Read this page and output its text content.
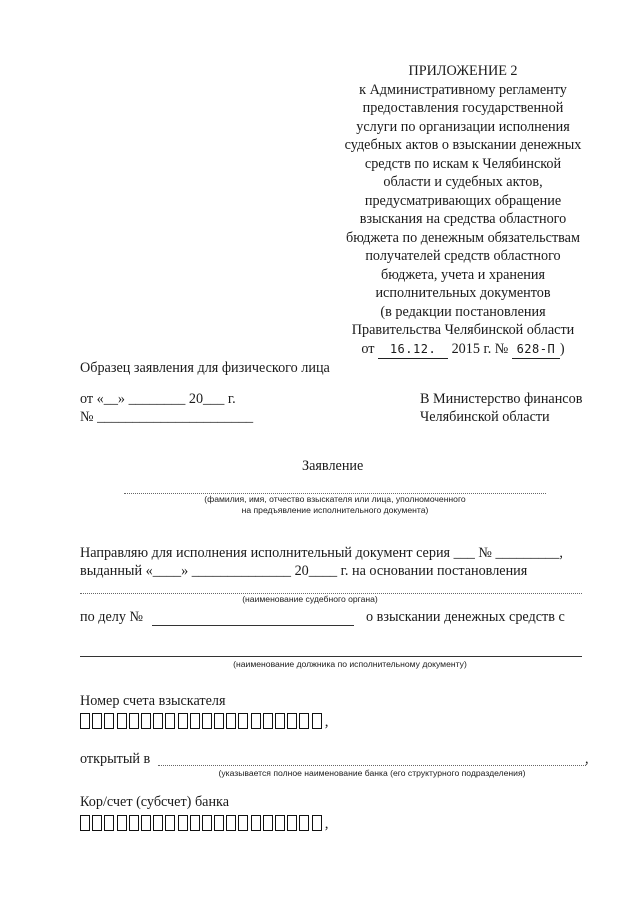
ПРИЛОЖЕНИЕ 2
к Административному регламенту
предоставления государственной
услуги по организации исполнения
судебных актов о взыскании денежных
средств по искам к Челябинской
области и судебных актов,
предусматривающих обращение
взыскания на средства областного
бюджета по денежным обязательствам
получателей средств областного
бюджета, учета и хранения
исполнительных документов
(в редакции постановления
Правительства Челябинской области
от 16.12. 2015 г. № 628-П )
Образец заявления для физического лица
от «__» ________ 20___ г.
№ ______________________
В Министерство финансов
Челябинской области
Заявление
(фамилия, имя, отчество взыскателя или лица, уполномоченного
на предъявление исполнительного документа)
Направляю для исполнения исполнительный документ серия ___ № _________,
выданный «____» ______________ 20____ г. на основании постановления
(наименование судебного органа)
по делу №	о взыскании денежных средств с
(наименование должника по исполнительному документу)
Номер счета взыскателя
,
открытый в	,
(указывается полное наименование банка (его структурного подразделения)
Кор/счет (субсчет) банка
,
